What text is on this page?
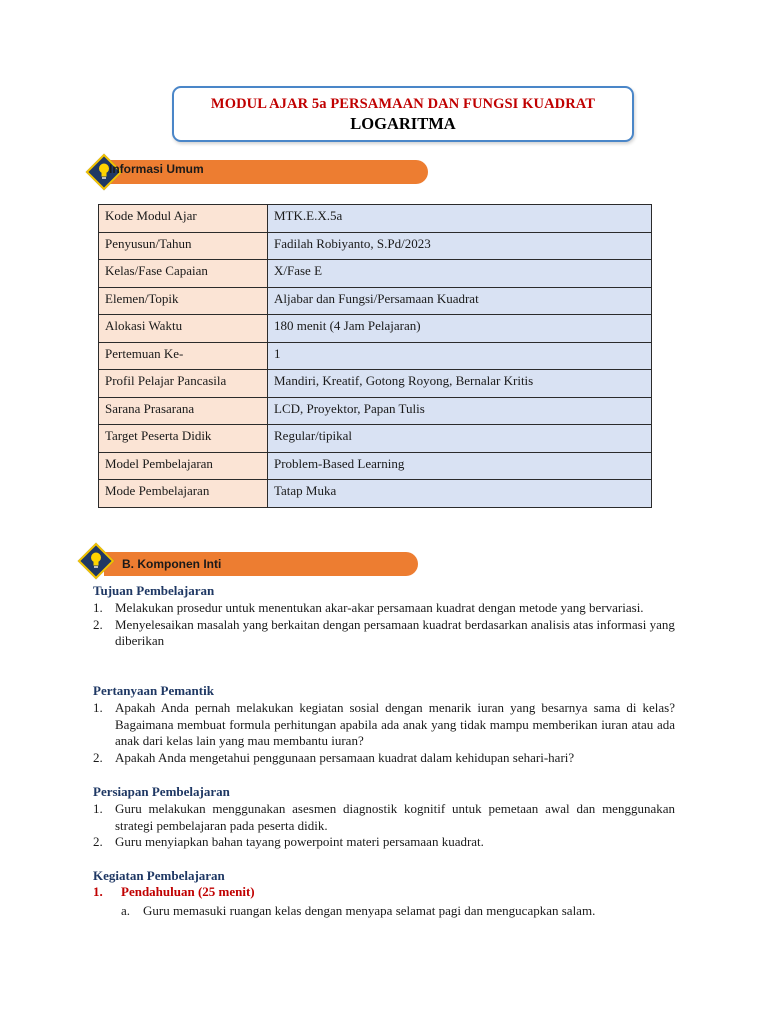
MODUL AJAR 5a PERSAMAAN DAN FUNGSI KUADRAT
LOGARITMA
Informasi Umum
Kode Modul Ajar	MTK.E.X.5a
Penyusun/Tahun	Fadilah Robiyanto, S.Pd/2023
Kelas/Fase Capaian	X/Fase E
Elemen/Topik	Aljabar dan Fungsi/Persamaan Kuadrat
Alokasi Waktu	180 menit (4 Jam Pelajaran)
Pertemuan Ke-	1
Profil Pelajar Pancasila	Mandiri, Kreatif, Gotong Royong, Bernalar Kritis
Sarana Prasarana	LCD, Proyektor, Papan Tulis
Target Peserta Didik	Regular/tipikal
Model Pembelajaran	Problem-Based Learning
Mode Pembelajaran	Tatap Muka
B. Komponen Inti
Tujuan Pembelajaran
1. Melakukan prosedur untuk menentukan akar-akar persamaan kuadrat dengan metode yang bervariasi.
2. Menyelesaikan masalah yang berkaitan dengan persamaan kuadrat berdasarkan analisis atas informasi yang diberikan
Pertanyaan Pemantik
1. Apakah Anda pernah melakukan kegiatan sosial dengan menarik iuran yang besarnya sama di kelas? Bagaimana membuat formula perhitungan apabila ada anak yang tidak mampu memberikan iuran atau ada anak dari kelas lain yang mau membantu iuran?
2. Apakah Anda mengetahui penggunaan persamaan kuadrat dalam kehidupan sehari-hari?
Persiapan Pembelajaran
1. Guru melakukan menggunakan asesmen diagnostik kognitif untuk pemetaan awal dan menggunakan strategi pembelajaran pada peserta didik.
2. Guru menyiapkan bahan tayang powerpoint materi persamaan kuadrat.
Kegiatan Pembelajaran
1. Pendahuluan (25 menit)
a. Guru memasuki ruangan kelas dengan menyapa selamat pagi dan mengucapkan salam.
